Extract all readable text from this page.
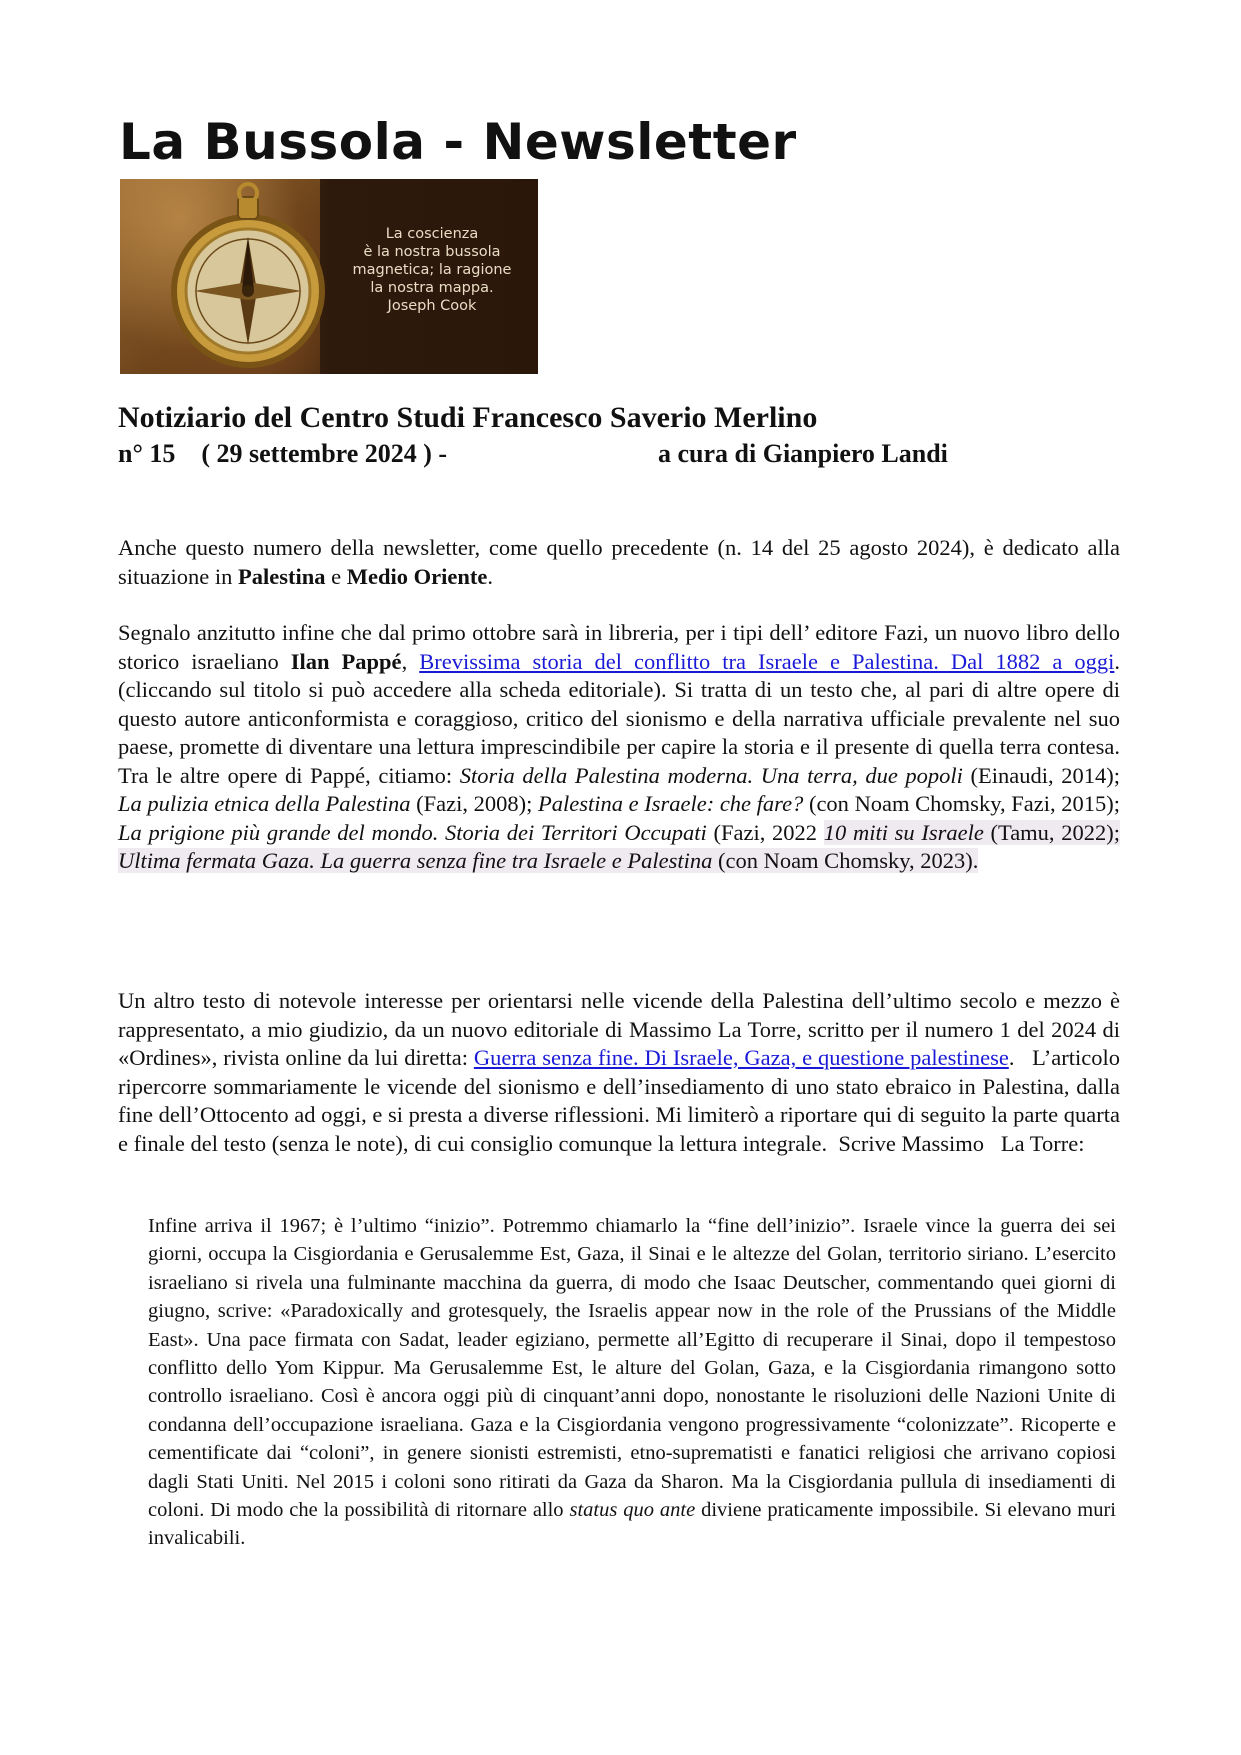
La Bussola - Newsletter
La coscienza
è la nostra bussola
magnetica; la ragione
la nostra mappa.
Joseph Cook
Notiziario del Centro Studi Francesco Saverio Merlino
n° 15    ( 29 settembre 2024 ) -	a cura di Gianpiero Landi

Anche questo numero della newsletter, come quello precedente (n. 14 del 25 agosto 2024), è dedicato alla situazione in Palestina e Medio Oriente.

Segnalo anzitutto infine che dal primo ottobre sarà in libreria, per i tipi dell’ editore Fazi, un nuovo libro dello storico israeliano Ilan Pappé, Brevissima storia del conflitto tra Israele e Palestina. Dal 1882 a oggi. (cliccando sul titolo si può accedere alla scheda editoriale). Si tratta di un testo che, al pari di altre opere di questo autore anticonformista e coraggioso, critico del sionismo e della narrativa ufficiale prevalente nel suo paese, promette di diventare una lettura imprescindibile per capire la storia e il presente di quella terra contesa. Tra le altre opere di Pappé, citiamo: Storia della Palestina moderna. Una terra, due popoli (Einaudi, 2014);   La pulizia etnica della Palestina (Fazi, 2008); Palestina e Israele: che fare? (con Noam Chomsky, Fazi, 2015);  La prigione più grande del mondo. Storia dei Territori Occupati (Fazi, 2022 10 miti su Israele (Tamu, 2022); Ultima fermata Gaza. La guerra senza fine tra Israele e Palestina (con Noam Chomsky, 2023).

Un altro testo di notevole interesse per orientarsi nelle vicende della Palestina dell’ultimo secolo e mezzo è rappresentato, a mio giudizio, da un nuovo editoriale di Massimo La Torre, scritto per il numero 1 del 2024 di «Ordines», rivista online da lui diretta: Guerra senza fine. Di Israele, Gaza, e questione palestinese.   L’articolo ripercorre sommariamente le vicende del sionismo e dell’insediamento di uno stato ebraico in Palestina, dalla fine dell’Ottocento ad oggi, e si presta a diverse riflessioni. Mi limiterò a riportare qui di seguito la parte quarta e finale del testo (senza le note), di cui consiglio comunque la lettura integrale.  Scrive Massimo   La Torre:

Infine arriva il 1967; è l’ultimo “inizio”. Potremmo chiamarlo la “fine dell’inizio”. Israele vince la guerra dei sei giorni, occupa la Cisgiordania e Gerusalemme Est, Gaza, il Sinai e le altezze del Golan, territorio siriano. L’esercito israeliano si rivela una fulminante macchina da guerra, di modo che Isaac Deutscher, commentando quei giorni di giugno, scrive: «Paradoxically and grotesquely, the Israelis appear now in the role of the Prussians of the Middle East». Una pace firmata con Sadat, leader egiziano, permette all’Egitto di recuperare il Sinai, dopo il tempestoso conflitto dello Yom Kippur. Ma Gerusalemme Est, le alture del Golan, Gaza, e la Cisgiordania rimangono sotto controllo israeliano. Così è ancora oggi più di cinquant’anni dopo, nonostante le risoluzioni delle Nazioni Unite di condanna dell’occupazione israeliana. Gaza e la Cisgiordania vengono progressivamente “colonizzate”. Ricoperte e cementificate dai “coloni”, in genere sionisti estremisti, etno-suprematisti e fanatici religiosi che arrivano copiosi dagli Stati Uniti. Nel 2015 i coloni sono ritirati da Gaza da Sharon. Ma la Cisgiordania pullula di insediamenti di coloni. Di modo che la possibilità di ritornare allo status quo ante diviene praticamente impossibile. Si elevano muri invalicabili.
